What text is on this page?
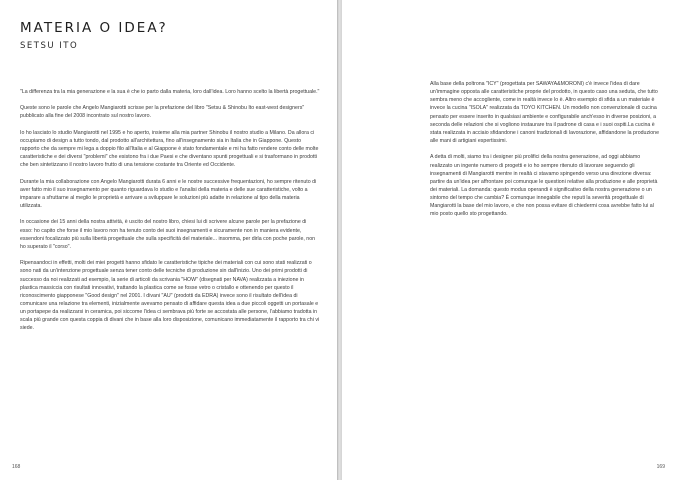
MATERIA O IDEA?
SETSU ITO

"La differenza tra la mia generazione e la sua è che io parto dalla materia, loro dall'idea. Loro hanno scelto la libertà progettuale."

Queste sono le parole che Angelo Mangiarotti scrisse per la prefazione del libro "Setsu & Shinobu Ito east-west designers" pubblicato alla fine del 2008 incontrato sul nostro lavoro.

Io ho lasciato lo studio Mangiarotti nel 1995 e ho aperto, insieme alla mia partner Shinobu il nostro studio a Milano. Da allora ci occupiamo di design a tutto tondo, dal prodotto all'architettura, fino all'insegnamento sia in Italia che in Giappone. Questo rapporto che da sempre mi lega a doppio filo all'Italia e al Giappone è stato fondamentale e mi ha fatto rendere conto delle molte caratteristiche e dei diversi "problemi" che esistono fra i due Paesi e che diventano spunti progettuali e si trasformano in prodotti che ben sintetizzano il nostro lavoro frutto di una tensione costante tra Oriente ed Occidente.

Durante la mia collaborazione con Angelo Mangiarotti durata 6 anni e le nostre successive frequentazioni, ho sempre ritenuto di aver fatto mio il suo insegnamento per quanto riguardava lo studio e l'analisi della materia e delle sue caratteristiche, volto a imparare a sfruttarne al meglio le proprietà e arrivare a sviluppare le soluzioni più adatte in relazione al tipo della materia utilizzata.

In occasione dei 15 anni della nostra attività, è uscito del nostro libro, chiesi lui di scrivere alcune parole per la prefazione di esso: ho capito che forse il mio lavoro non ha tenuto conto dei suoi insegnamenti e sicuramente non in maniera evidente, essendoni focalizzato più sulla libertà progettuale che sulla specificità del materiale... insomma, per dirla con poche parole, non ho superato il "corso".

Ripensandoci in effetti, molti dei miei progetti hanno sfidato le caratteristiche tipiche dei materiali con cui sono stati realizzati o sono nati da un'intenzione progettuale senza tener conto delle tecniche di produzione sin dall'inizio. Uno dei primi prodotti di successo da noi realizzati ad esempio, la serie di articoli da scrivania "HOW" (disegnati per NAVA) realizzata a iniezione in plastica massiccia con risultati innovativi, trattando la plastica come se fosse vetro o cristallo e ottenendo per questo il riconoscimento giapponese "Good design" nel 2001. I divani "AU" (prodotti da EDRA) invece sono il risultato dell'idea di comunicare una relazione tra elementi, inizialmente avevamo pensato di affidare questa idea a due piccoli oggetti un portasale e un portapepe da realizzarsi in ceramica, poi siccome l'idea ci sembrava più forte se accostata alle persone, l'abbiamo tradotta in scala più grande con questa coppia di divani che in base alla loro disposizione, comunicano immediatamente il rapporto tra chi vi siede.

168

Alla base della poltrona "ICY" (progettata per SAWAYA&MORONI) c'è invece l'idea di dare un'immagine opposta alle caratteristiche proprie del prodotto, in questo caso una seduta, che tutto sembra meno che accogliente, come in realtà invece lo è. Altro esempio di sfida a un materiale è invece la cucina "ISOLA" realizzata da TOYO KITCHEN. Un modello non convenzionale di cucina pensato per essere inserito in qualsiasi ambiente e configurabile anch'esso in diverse posizioni, a seconda delle relazioni che si vogliono instaurare tra il padrone di casa e i suoi ospiti.La cucina è stata realizzata in acciaio sfidandone i canoni tradizionali di lavorazione, affidandone la produzione alle mani di artigiani espertissimi.

A detta di molti, siamo tra i designer più prolifici della nostra generazione, ad oggi abbiamo realizzato un ingente numero di progetti e io ho sempre ritenuto di lavorare seguendo gli insegnamenti di Mangiarotti mentre in realtà ci stavamo spingendo verso una direzione diversa: partire da un'idea per affrontare poi comunque le questioni relative alla produzione e alle proprietà dei materiali. La domanda: questo modus operandi è significativo della nostra generazione o un sintomo del tempo che cambia? È comunque innegabile che reputi la severità progettuale di Mangiarotti la base del mio lavoro, e che non possa evitare di chiedermi cosa avrebbe fatto lui al mio posto quello sto progettando.

169
